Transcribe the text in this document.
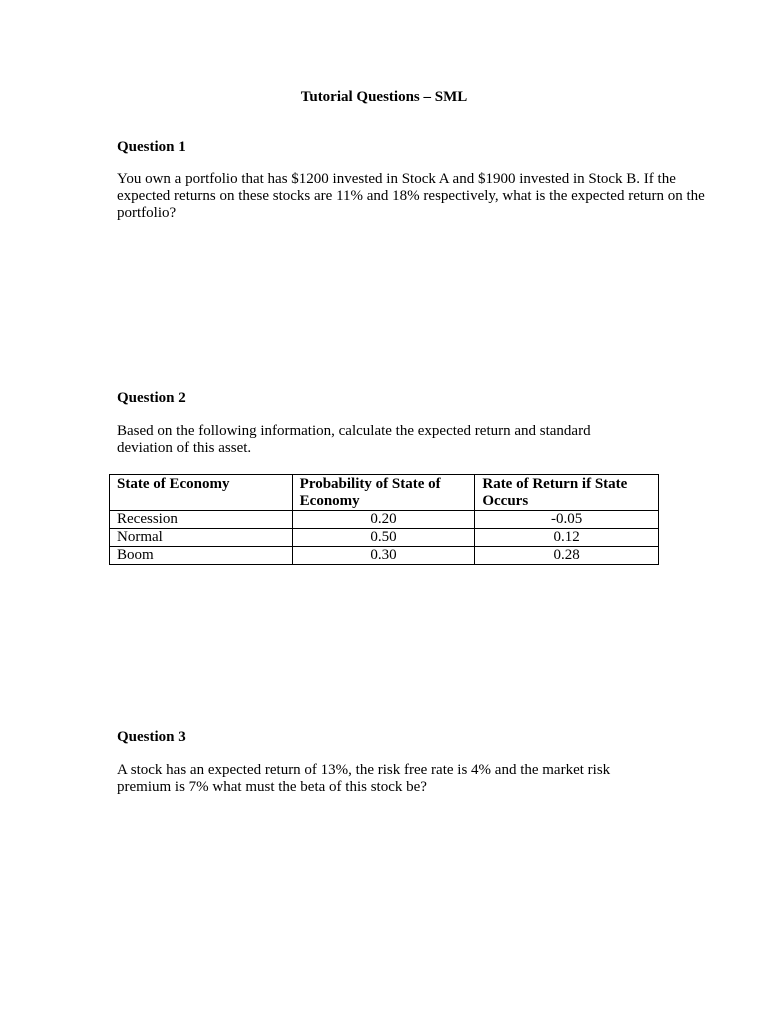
Tutorial Questions – SML
Question 1
You own a portfolio that has $1200 invested in Stock A and $1900 invested in Stock B. If the expected returns on these stocks are 11% and 18% respectively, what is the expected return on the portfolio?
Question 2
Based on the following information, calculate the expected return and standard deviation of this asset.
State of Economy	Probability of State of Economy	Rate of Return if State Occurs
Recession	0.20	-0.05
Normal	0.50	0.12
Boom	0.30	0.28
Question 3
A stock has an expected return of 13%, the risk free rate is 4% and the market risk premium is 7% what must the beta of this stock be?
